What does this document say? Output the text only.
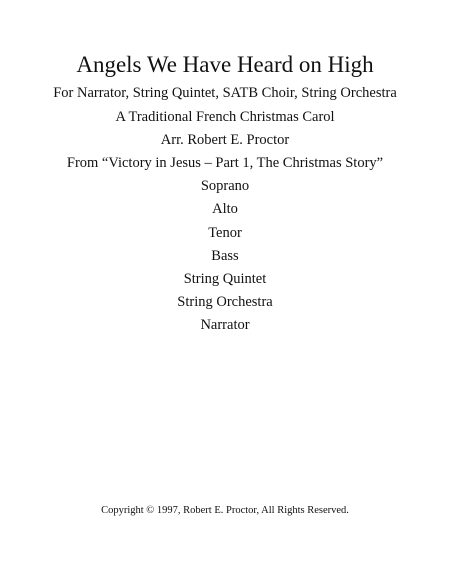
Angels We Have Heard on High
For Narrator, String Quintet, SATB Choir, String Orchestra
A Traditional French Christmas Carol
Arr. Robert E. Proctor
From “Victory in Jesus – Part 1, The Christmas Story”
Soprano
Alto
Tenor
Bass
String Quintet
String Orchestra
Narrator
Copyright © 1997, Robert E. Proctor, All Rights Reserved.
